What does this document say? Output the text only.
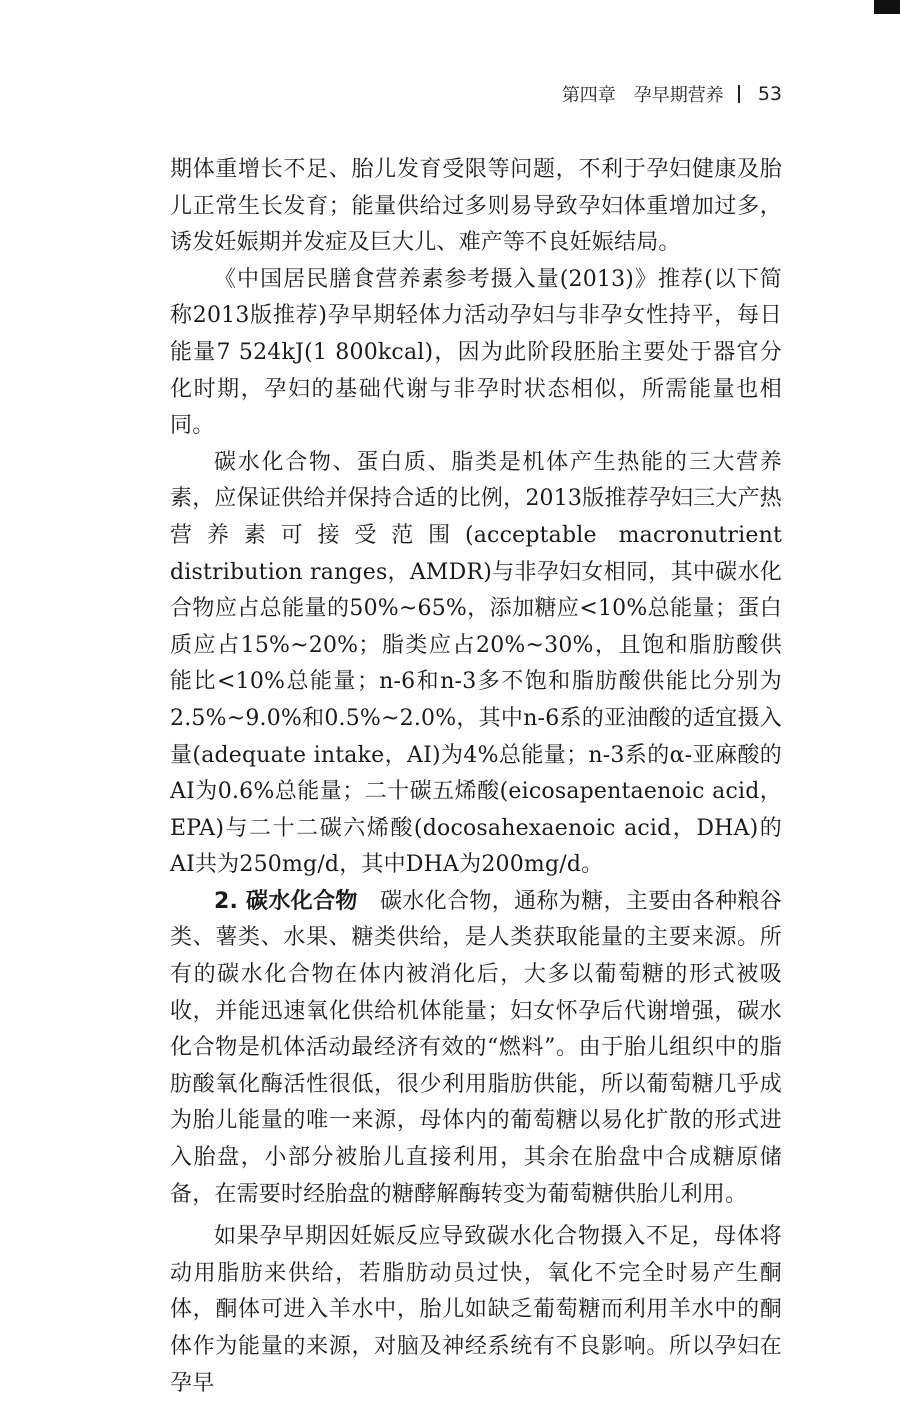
第四章　孕早期营养 53

期体重增长不足、胎儿发育受限等问题，不利于孕妇健康及胎儿正常生长发育；能量供给过多则易导致孕妇体重增加过多，诱发妊娠期并发症及巨大儿、难产等不良妊娠结局。

《中国居民膳食营养素参考摄入量(2013)》推荐(以下简称2013版推荐)孕早期轻体力活动孕妇与非孕女性持平，每日能量7 524kJ(1 800kcal)，因为此阶段胚胎主要处于器官分化时期，孕妇的基础代谢与非孕时状态相似，所需能量也相同。

碳水化合物、蛋白质、脂类是机体产生热能的三大营养素，应保证供给并保持合适的比例，2013版推荐孕妇三大产热营养素可接受范围(acceptable macronutrient distribution ranges，AMDR)与非孕妇女相同，其中碳水化合物应占总能量的50%~65%，添加糖应<10%总能量；蛋白质应占15%~20%；脂类应占20%~30%，且饱和脂肪酸供能比<10%总能量；n-6和n-3多不饱和脂肪酸供能比分别为2.5%~9.0%和0.5%~2.0%，其中n-6系的亚油酸的适宜摄入量(adequate intake，AI)为4%总能量；n-3系的α-亚麻酸的AI为0.6%总能量；二十碳五烯酸(eicosapentaenoic acid，EPA)与二十二碳六烯酸(docosahexaenoic acid，DHA)的AI共为250mg/d，其中DHA为200mg/d。

2. 碳水化合物　碳水化合物，通称为糖，主要由各种粮谷类、薯类、水果、糖类供给，是人类获取能量的主要来源。所有的碳水化合物在体内被消化后，大多以葡萄糖的形式被吸收，并能迅速氧化供给机体能量；妇女怀孕后代谢增强，碳水化合物是机体活动最经济有效的“燃料”。由于胎儿组织中的脂肪酸氧化酶活性很低，很少利用脂肪供能，所以葡萄糖几乎成为胎儿能量的唯一来源，母体内的葡萄糖以易化扩散的形式进入胎盘，小部分被胎儿直接利用，其余在胎盘中合成糖原储备，在需要时经胎盘的糖酵解酶转变为葡萄糖供胎儿利用。

如果孕早期因妊娠反应导致碳水化合物摄入不足，母体将动用脂肪来供给，若脂肪动员过快，氧化不完全时易产生酮体，酮体可进入羊水中，胎儿如缺乏葡萄糖而利用羊水中的酮体作为能量的来源，对脑及神经系统有不良影响。所以孕妇在孕早
